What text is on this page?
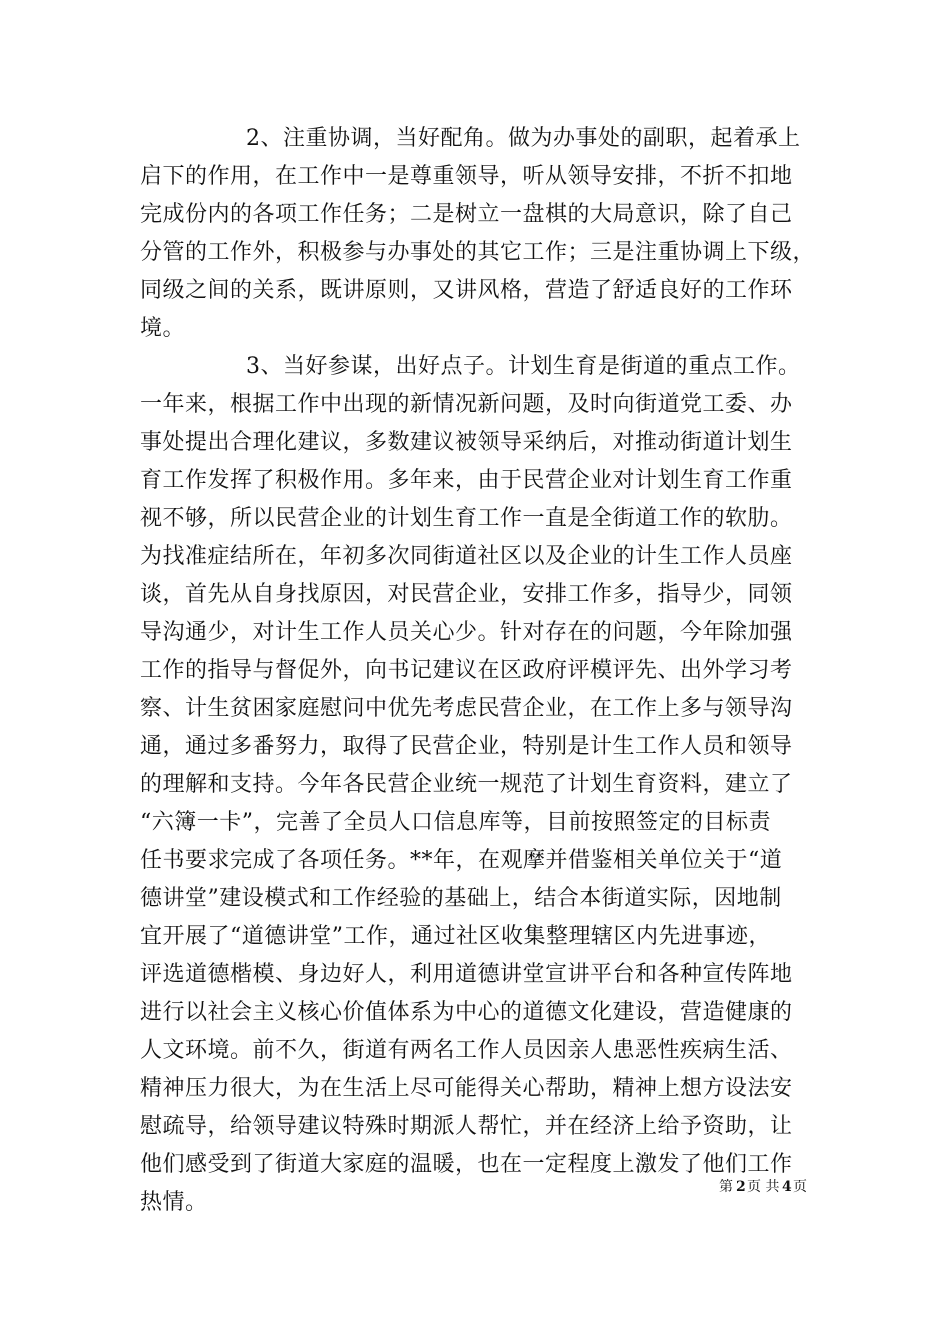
2、注重协调，当好配角。做为办事处的副职，起着承上
启下的作用，在工作中一是尊重领导，听从领导安排，不折不扣地
完成份内的各项工作任务；二是树立一盘棋的大局意识，除了自己
分管的工作外，积极参与办事处的其它工作；三是注重协调上下级，
同级之间的关系，既讲原则，又讲风格，营造了舒适良好的工作环
境。
3、当好参谋，出好点子。计划生育是街道的重点工作。
一年来，根据工作中出现的新情况新问题，及时向街道党工委、办
事处提出合理化建议，多数建议被领导采纳后，对推动街道计划生
育工作发挥了积极作用。多年来，由于民营企业对计划生育工作重
视不够，所以民营企业的计划生育工作一直是全街道工作的软肋。
为找准症结所在，年初多次同街道社区以及企业的计生工作人员座
谈，首先从自身找原因，对民营企业，安排工作多，指导少，同领
导沟通少，对计生工作人员关心少。针对存在的问题，今年除加强
工作的指导与督促外，向书记建议在区政府评模评先、出外学习考
察、计生贫困家庭慰问中优先考虑民营企业，在工作上多与领导沟
通，通过多番努力，取得了民营企业，特别是计生工作人员和领导
的理解和支持。今年各民营企业统一规范了计划生育资料，建立了
“六簿一卡”，完善了全员人口信息库等，目前按照签定的目标责
任书要求完成了各项任务。**年，在观摩并借鉴相关单位关于“道
德讲堂”建设模式和工作经验的基础上，结合本街道实际，因地制
宜开展了“道德讲堂”工作，通过社区收集整理辖区内先进事迹，
评选道德楷模、身边好人，利用道德讲堂宣讲平台和各种宣传阵地
进行以社会主义核心价值体系为中心的道德文化建设，营造健康的
人文环境。前不久，街道有两名工作人员因亲人患恶性疾病生活、
精神压力很大，为在生活上尽可能得关心帮助，精神上想方设法安
慰疏导，给领导建议特殊时期派人帮忙，并在经济上给予资助，让
他们感受到了街道大家庭的温暖，也在一定程度上激发了他们工作
热情。
第 2 页 共 4 页
